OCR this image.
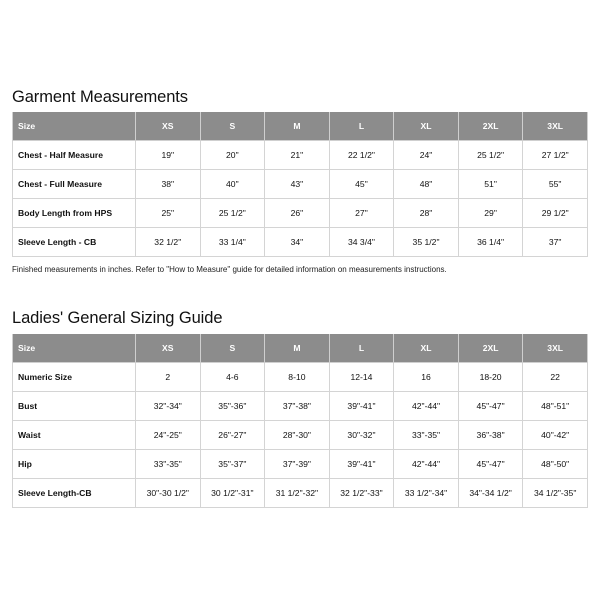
Garment Measurements
Size	XS	S	M	L	XL	2XL	3XL
Chest - Half Measure	19"	20"	21"	22 1/2"	24"	25 1/2"	27 1/2"
Chest - Full Measure	38"	40"	43"	45"	48"	51"	55"
Body Length from HPS	25"	25 1/2"	26"	27"	28"	29"	29 1/2"
Sleeve Length - CB	32 1/2"	33 1/4"	34"	34 3/4"	35 1/2"	36 1/4"	37"

Finished measurements in inches. Refer to "How to Measure" guide for detailed information on measurements instructions.

Ladies' General Sizing Guide
Size	XS	S	M	L	XL	2XL	3XL
Numeric Size	2	4-6	8-10	12-14	16	18-20	22
Bust	32"-34"	35"-36"	37"-38"	39"-41"	42"-44"	45"-47"	48"-51"
Waist	24"-25"	26"-27"	28"-30"	30"-32"	33"-35"	36"-38"	40"-42"
Hip	33"-35"	35"-37"	37"-39"	39"-41"	42"-44"	45"-47"	48"-50"
Sleeve Length-CB	30"-30 1/2"	30 1/2"-31"	31 1/2"-32"	32 1/2"-33"	33 1/2"-34"	34"-34 1/2"	34 1/2"-35"
